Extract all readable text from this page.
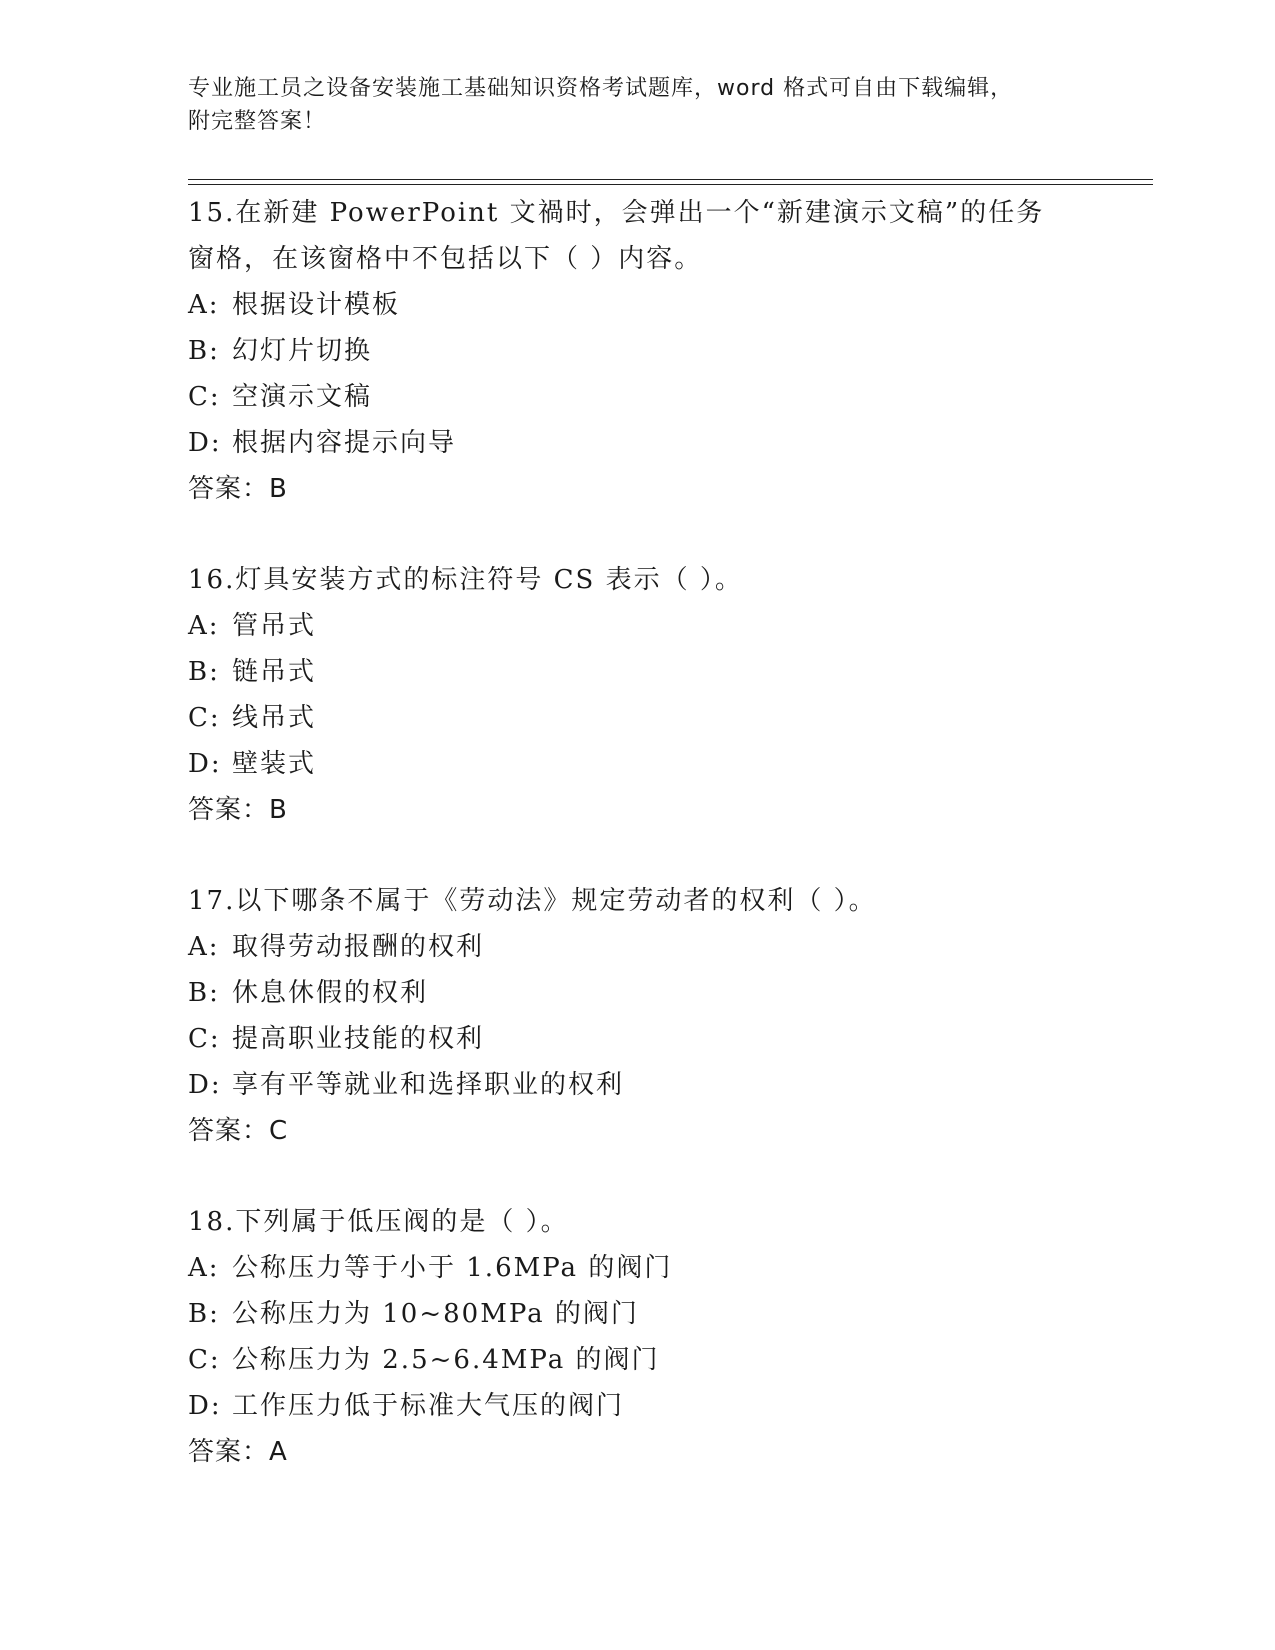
专业施工员之设备安装施工基础知识资格考试题库，word 格式可自由下载编辑，
附完整答案！
15.在新建 PowerPoint 文禍时，会弹出一个“新建演示文稿”的任务
窗格，在该窗格中不包括以下（ ）内容。
A: 根据设计模板
B: 幻灯片切换
C: 空演示文稿
D: 根据内容提示向导
答案：B
16.灯具安装方式的标注符号 CS 表示（ ）。
A: 管吊式
B: 链吊式
C: 线吊式
D: 壁装式
答案：B
17.以下哪条不属于《劳动法》规定劳动者的权利（ ）。
A: 取得劳动报酬的权利
B: 休息休假的权利
C: 提高职业技能的权利
D: 享有平等就业和选择职业的权利
答案：C
18.下列属于低压阀的是（ ）。
A: 公称压力等于小于 1.6MPa 的阀门
B: 公称压力为 10~80MPa 的阀门
C: 公称压力为 2.5~6.4MPa 的阀门
D: 工作压力低于标准大气压的阀门
答案：A
